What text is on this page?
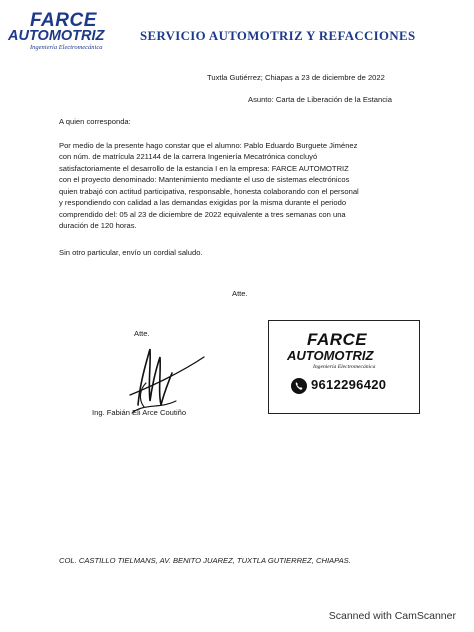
FARCE
AUTOMOTRIZ
Ingeniería Electromecánica
SERVICIO AUTOMOTRIZ Y REFACCIONES
Tuxtla Gutiérrez; Chiapas a 23 de diciembre de 2022
Asunto: Carta de Liberación de la Estancia
A quien corresponda:
Por medio de la presente hago constar que el alumno: Pablo Eduardo Burguete Jiménez
con núm. de matrícula 221144 de la carrera Ingeniería Mecatrónica concluyó
satisfactoriamente el desarrollo de la estancia I en la empresa: FARCE AUTOMOTRIZ
con el proyecto denominado: Mantenimiento mediante el uso de sistemas electrónicos
quien trabajó con actitud participativa, responsable, honesta colaborando con el personal
y respondiendo con calidad a las demandas exigidas por la misma durante el periodo
comprendido del: 05 al 23 de diciembre de 2022 equivalente a tres semanas con una
duración de 120 horas.
Sin otro particular, envío un cordial saludo.
Atte.
Atte.
Ing. Fabián Eli Arce Coutiño
FARCE
AUTOMOTRIZ
Ingeniería Electromecánica
9612296420
COL. CASTILLO TIELMANS, AV. BENITO JUAREZ, TUXTLA GUTIERREZ, CHIAPAS.
Scanned with CamScanner
